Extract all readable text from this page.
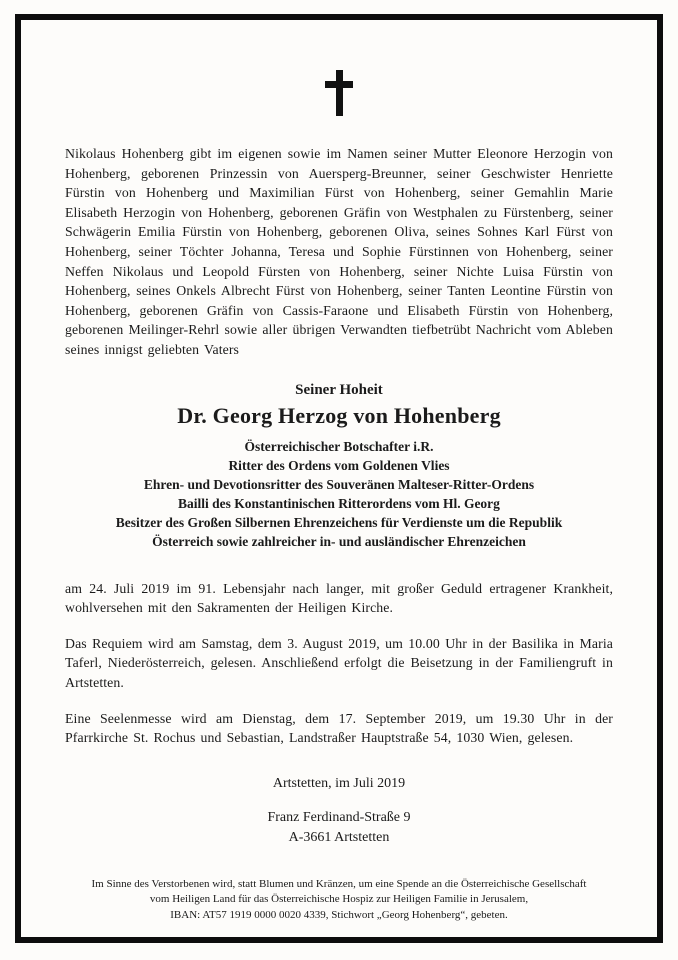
Nikolaus Hohenberg gibt im eigenen sowie im Namen seiner Mutter Eleonore Herzogin von Hohenberg, geborenen Prinzessin von Auersperg-Breunner, seiner Geschwister Henriette Fürstin von Hohenberg und Maximilian Fürst von Hohenberg, seiner Gemahlin Marie Elisabeth Herzogin von Hohenberg, geborenen Gräfin von Westphalen zu Fürstenberg, seiner Schwägerin Emilia Fürstin von Hohenberg, geborenen Oliva, seines Sohnes Karl Fürst von Hohenberg, seiner Töchter Johanna, Teresa und Sophie Fürstinnen von Hohenberg, seiner Neffen Nikolaus und Leopold Fürsten von Hohenberg, seiner Nichte Luisa Fürstin von Hohenberg, seines Onkels Albrecht Fürst von Hohenberg, seiner Tanten Leontine Fürstin von Hohenberg, geborenen Gräfin von Cassis-Faraone und Elisabeth Fürstin von Hohenberg, geborenen Meilinger-Rehrl sowie aller übrigen Verwandten tiefbetrübt Nachricht vom Ableben seines innigst geliebten Vaters

Seiner Hoheit
Dr. Georg Herzog von Hohenberg
Österreichischer Botschafter i.R.
Ritter des Ordens vom Goldenen Vlies
Ehren- und Devotionsritter des Souveränen Malteser-Ritter-Ordens
Bailli des Konstantinischen Ritterordens vom Hl. Georg
Besitzer des Großen Silbernen Ehrenzeichens für Verdienste um die Republik
Österreich sowie zahlreicher in- und ausländischer Ehrenzeichen

am 24. Juli 2019 im 91. Lebensjahr nach langer, mit großer Geduld ertragener Krankheit, wohlversehen mit den Sakramenten der Heiligen Kirche.

Das Requiem wird am Samstag, dem 3. August 2019, um 10.00 Uhr in der Basilika in Maria Taferl, Niederösterreich, gelesen. Anschließend erfolgt die Beisetzung in der Familiengruft in Artstetten.

Eine Seelenmesse wird am Dienstag, dem 17. September 2019, um 19.30 Uhr in der Pfarrkirche St. Rochus und Sebastian, Landstraßer Hauptstraße 54, 1030 Wien, gelesen.

Artstetten, im Juli 2019
Franz Ferdinand-Straße 9
A-3661 Artstetten
Im Sinne des Verstorbenen wird, statt Blumen und Kränzen, um eine Spende an die Österreichische Gesellschaft
vom Heiligen Land für das Österreichische Hospiz zur Heiligen Familie in Jerusalem,
IBAN: AT57 1919 0000 0020 4339, Stichwort „Georg Hohenberg“, gebeten.
